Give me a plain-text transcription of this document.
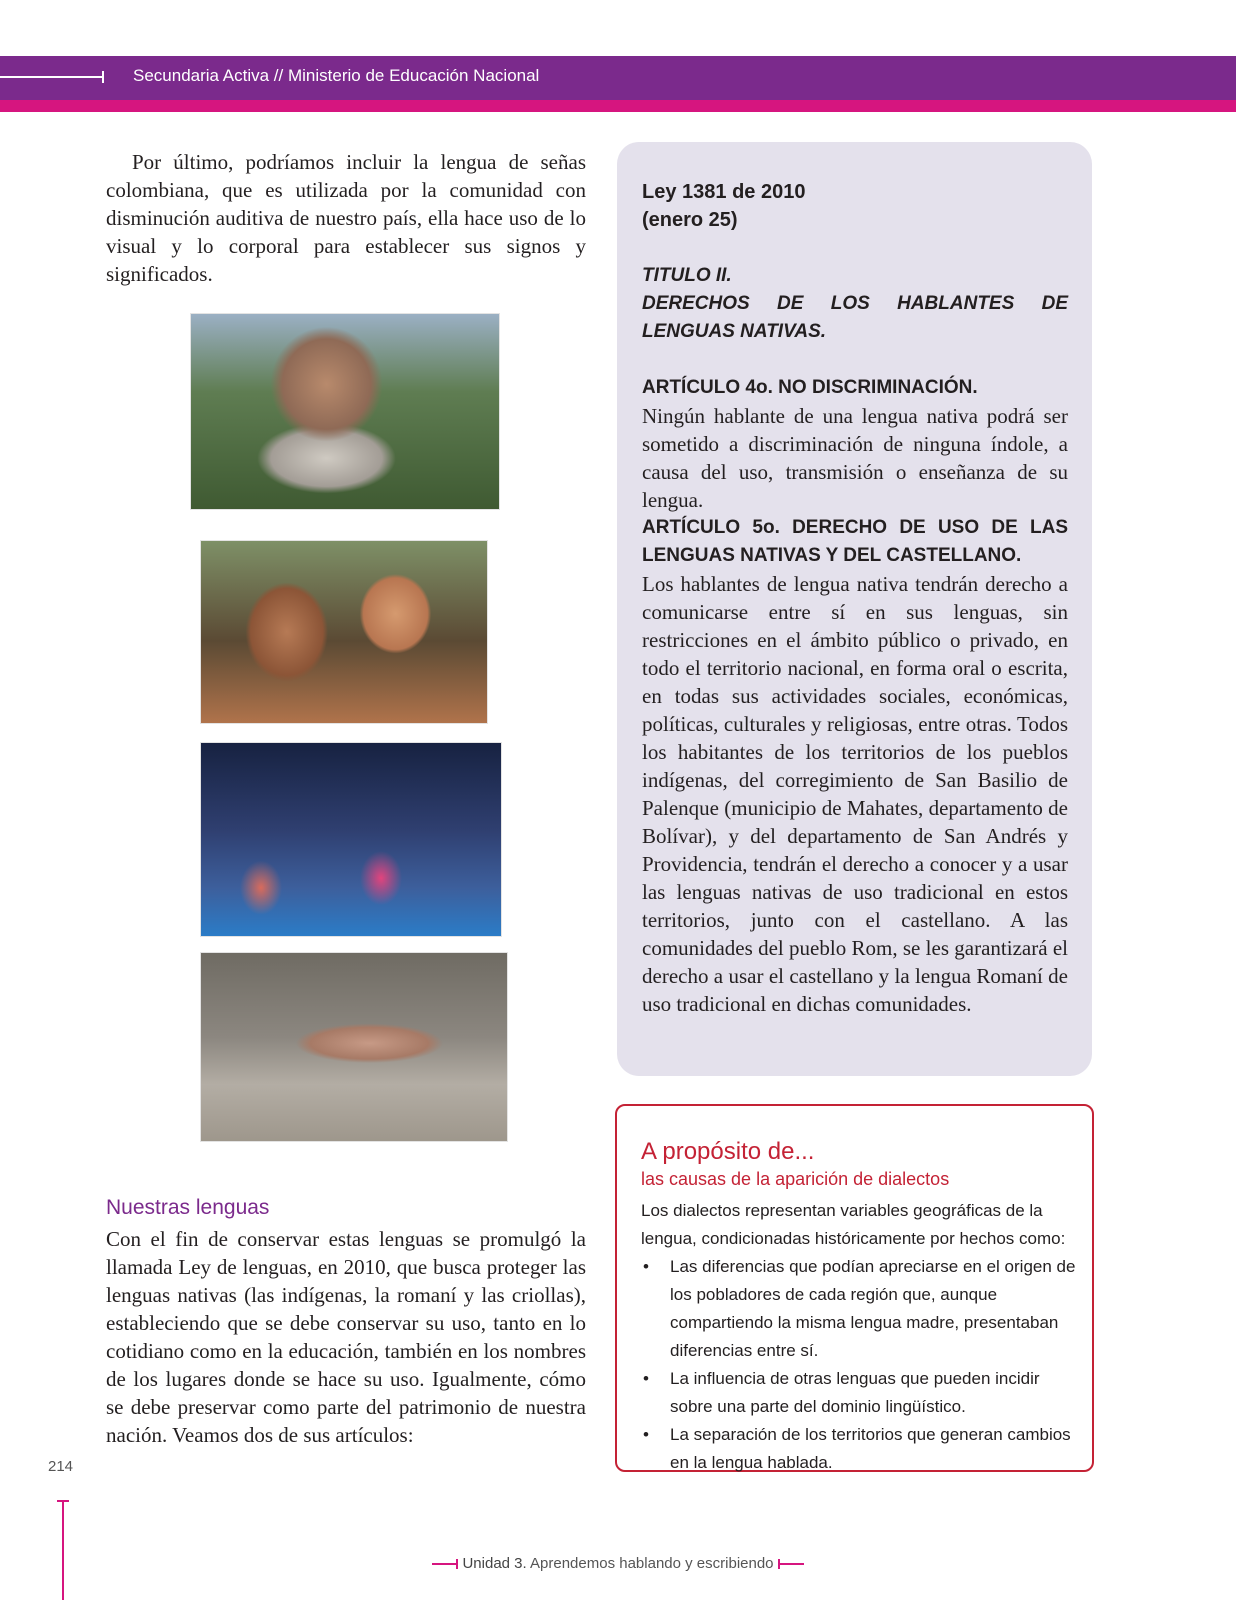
Secundaria Activa // Ministerio de Educación Nacional

Por último, podríamos incluir la lengua de señas colombiana, que es utilizada por la comunidad con disminución auditiva de nuestro país, ella hace uso de lo visual y lo corporal para establecer sus signos y significados.

Ley 1381 de 2010
(enero 25)
TITULO II.
DERECHOS DE LOS HABLANTES DE LENGUAS NATIVAS.
ARTÍCULO 4o. NO DISCRIMINACIÓN.
Ningún hablante de una lengua nativa podrá ser sometido a discriminación de ninguna índole, a causa del uso, transmisión o enseñanza de su lengua.
ARTÍCULO 5o. DERECHO DE USO DE LAS LENGUAS NATIVAS Y DEL CASTELLANO.
Los hablantes de lengua nativa tendrán derecho a comunicarse entre sí en sus lenguas, sin restricciones en el ámbito público o privado, en todo el territorio nacional, en forma oral o escrita, en todas sus actividades sociales, económicas, políticas, culturales y religiosas, entre otras. Todos los habitantes de los territorios de los pueblos indígenas, del corregimiento de San Basilio de Palenque (municipio de Mahates, departamento de Bolívar), y del departamento de San Andrés y Providencia, tendrán el derecho a conocer y a usar las lenguas nativas de uso tradicional en estos territorios, junto con el castellano. A las comunidades del pueblo Rom, se les garantizará el derecho a usar el castellano y la lengua Romaní de uso tradicional en dichas comunidades.
Nuestras lenguas

Con el fin de conservar estas lenguas se promulgó la llamada Ley de lenguas, en 2010, que busca proteger las lenguas nativas (las indígenas, la romaní y las criollas), estableciendo que se debe conservar su uso, tanto en lo cotidiano como en la educación, también en los nombres de los lugares donde se hace su uso. Igualmente, cómo se debe preservar como parte del patrimonio de nuestra nación. Veamos dos de sus artículos:

A propósito de...
las causas de la aparición de dialectos
Los dialectos representan variables geográficas de la lengua, condicionadas históricamente por hechos como:
• Las diferencias que podían apreciarse en el origen de los pobladores de cada región que, aunque compartiendo la misma lengua madre, presentaban diferencias entre sí.
• La influencia de otras lenguas que pueden incidir sobre una parte del dominio lingüístico.
• La separación de los territorios que generan cambios en la lengua hablada.
214
Unidad 3. Aprendemos hablando y escribiendo
